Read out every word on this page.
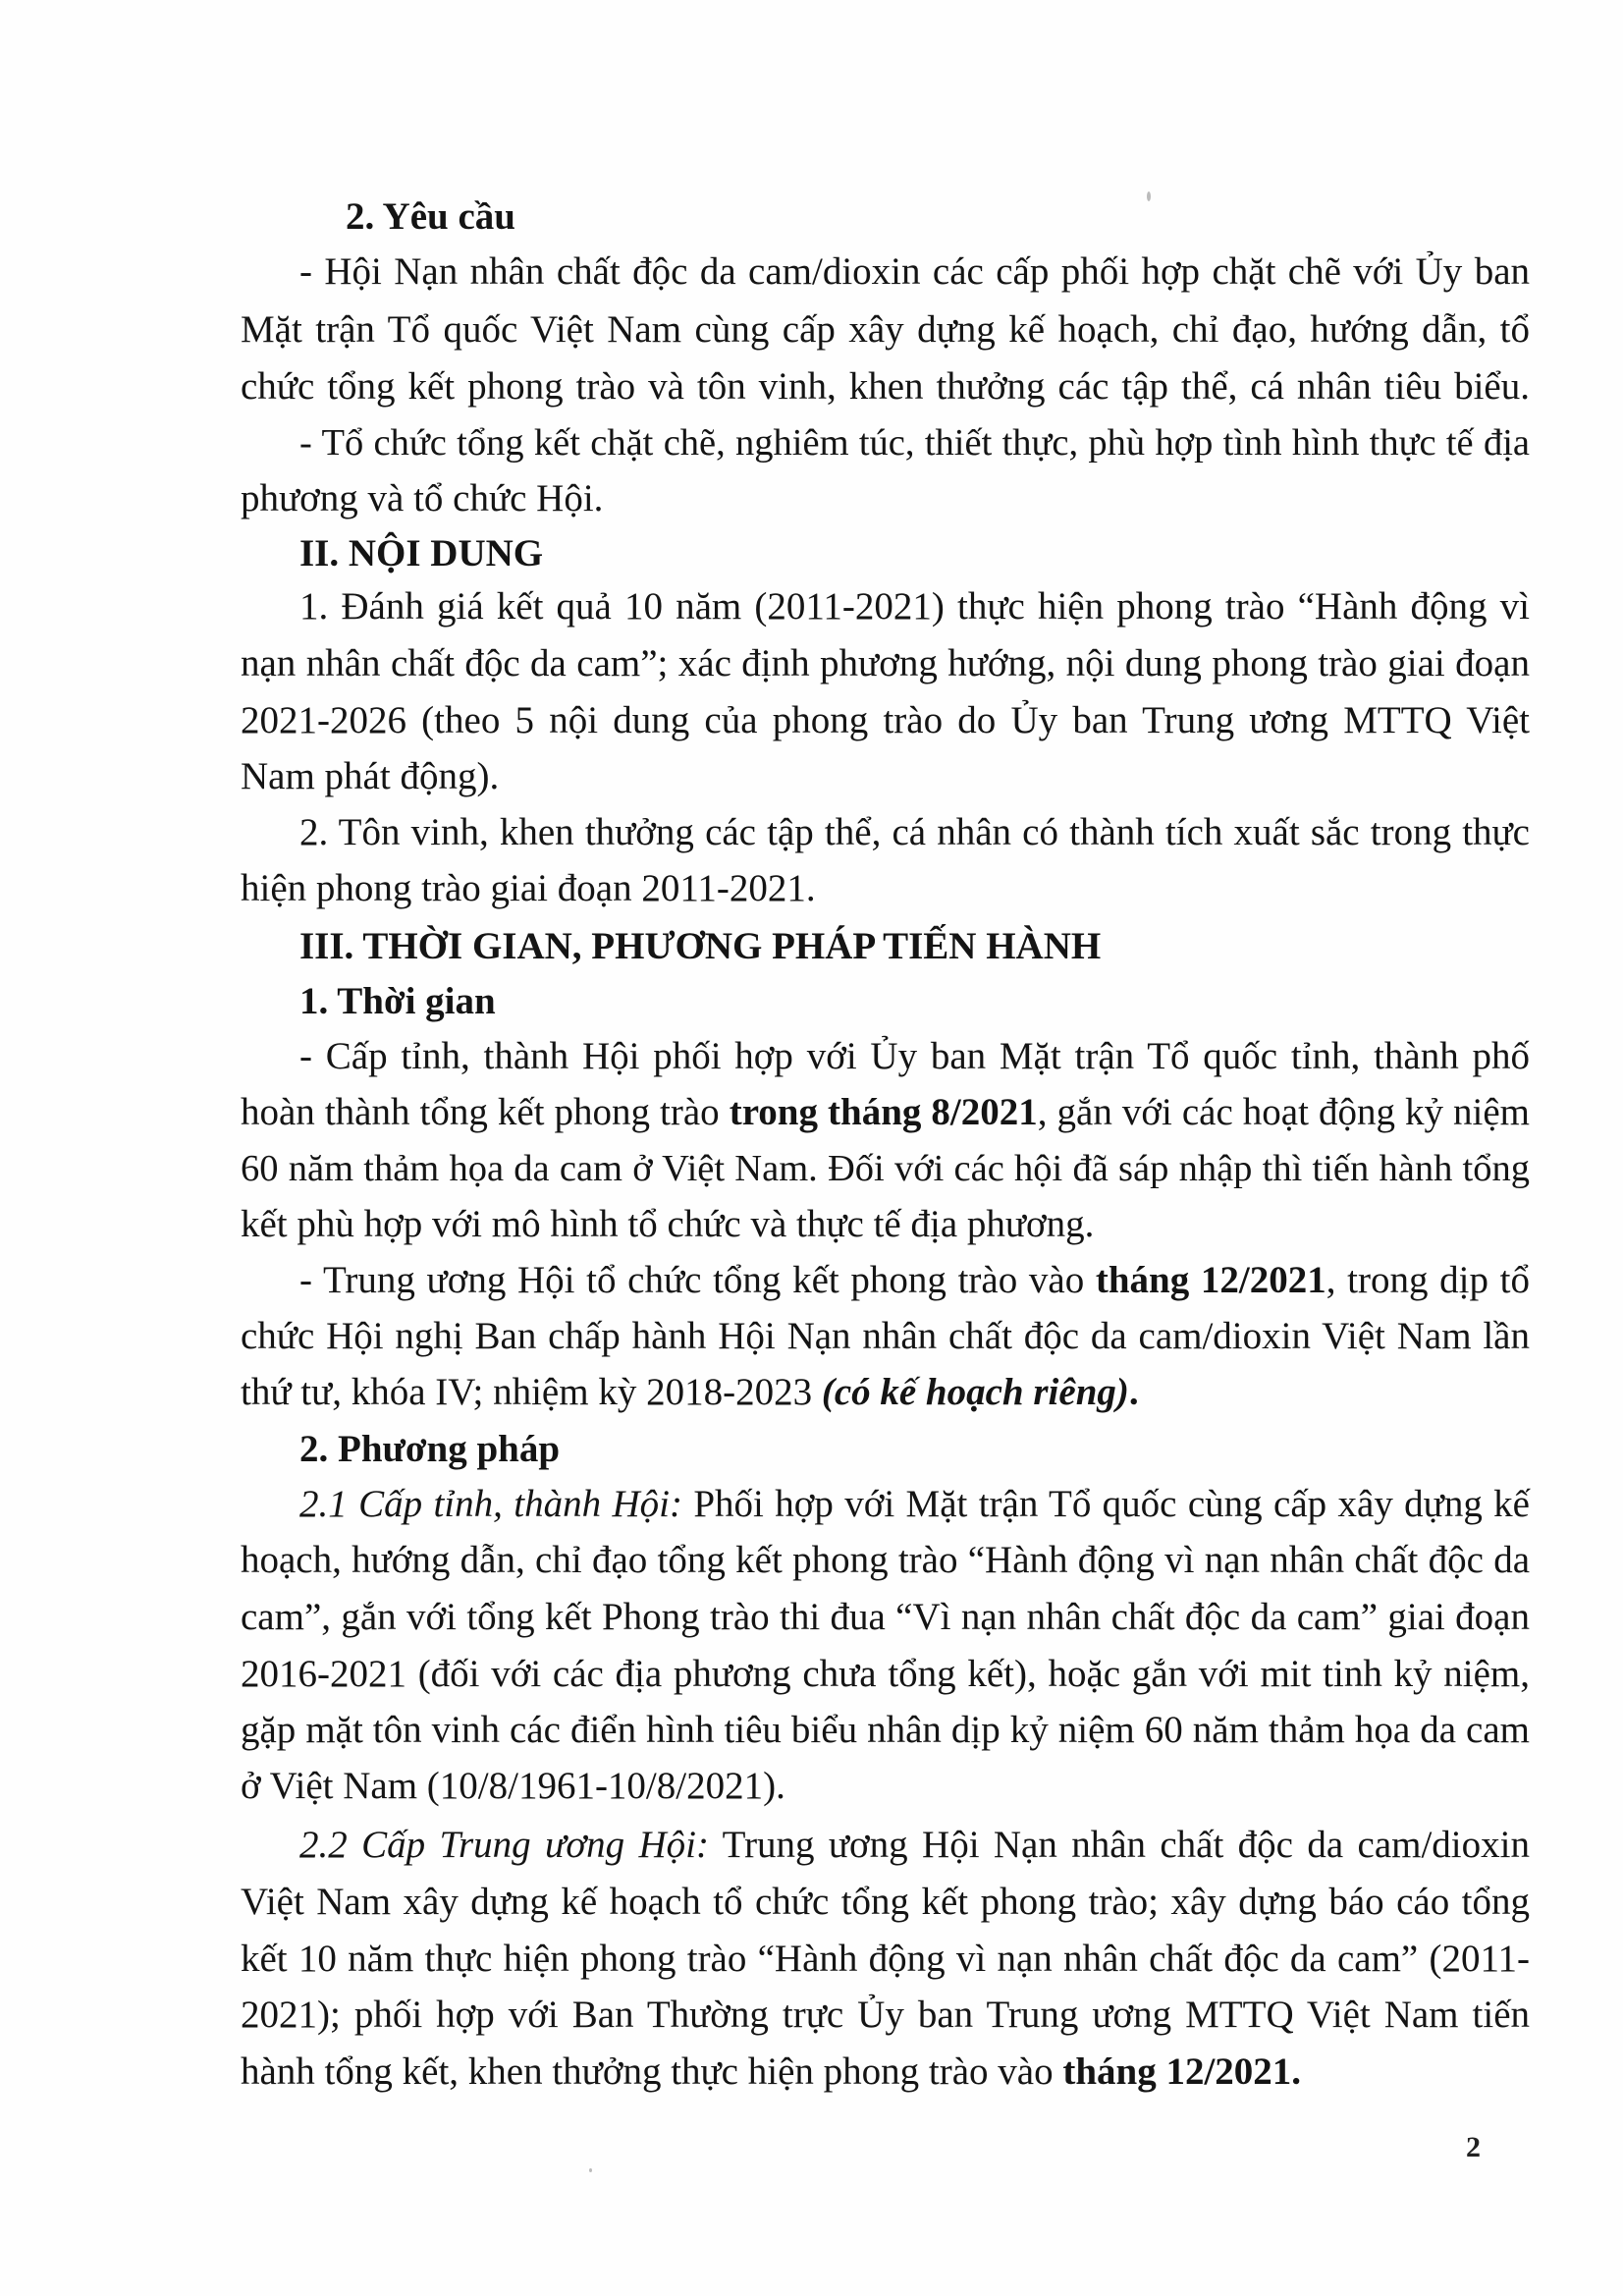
2. Yêu cầu
- Hội Nạn nhân chất độc da cam/dioxin các cấp phối hợp chặt chẽ với Ủy ban
Mặt trận Tổ quốc Việt Nam cùng cấp xây dựng kế hoạch, chỉ đạo, hướng dẫn, tổ
chức tổng kết phong trào và tôn vinh, khen thưởng các tập thể, cá nhân tiêu biểu.
- Tổ chức tổng kết chặt chẽ, nghiêm túc, thiết thực, phù hợp tình hình thực tế địa
phương và tổ chức Hội.
II. NỘI DUNG
1. Đánh giá kết quả 10 năm (2011-2021) thực hiện phong trào “Hành động vì
nạn nhân chất độc da cam”; xác định phương hướng, nội dung phong trào giai đoạn
2021-2026 (theo 5 nội dung của phong trào do Ủy ban Trung ương MTTQ Việt
Nam phát động).
2. Tôn vinh, khen thưởng các tập thể, cá nhân có thành tích xuất sắc trong thực
hiện phong trào giai đoạn 2011-2021.
III. THỜI GIAN, PHƯƠNG PHÁP TIẾN HÀNH
1. Thời gian
- Cấp tỉnh, thành Hội phối hợp với Ủy ban Mặt trận Tổ quốc tỉnh, thành phố
hoàn thành tổng kết phong trào trong tháng 8/2021, gắn với các hoạt động kỷ niệm
60 năm thảm họa da cam ở Việt Nam. Đối với các hội đã sáp nhập thì tiến hành tổng
kết phù hợp với mô hình tổ chức và thực tế địa phương.
- Trung ương Hội tổ chức tổng kết phong trào vào tháng 12/2021, trong dịp tổ
chức Hội nghị Ban chấp hành Hội Nạn nhân chất độc da cam/dioxin Việt Nam lần
thứ tư, khóa IV; nhiệm kỳ 2018-2023 (có kế hoạch riêng).
2. Phương pháp
2.1 Cấp tỉnh, thành Hội: Phối hợp với Mặt trận Tổ quốc cùng cấp xây dựng kế
hoạch, hướng dẫn, chỉ đạo tổng kết phong trào “Hành động vì nạn nhân chất độc da
cam”, gắn với tổng kết Phong trào thi đua “Vì nạn nhân chất độc da cam” giai đoạn
2016-2021 (đối với các địa phương chưa tổng kết), hoặc gắn với mit tinh kỷ niệm,
gặp mặt tôn vinh các điển hình tiêu biểu nhân dịp kỷ niệm 60 năm thảm họa da cam
ở Việt Nam (10/8/1961-10/8/2021).
2.2 Cấp Trung ương Hội: Trung ương Hội Nạn nhân chất độc da cam/dioxin
Việt Nam xây dựng kế hoạch tổ chức tổng kết phong trào; xây dựng báo cáo tổng
kết 10 năm thực hiện phong trào “Hành động vì nạn nhân chất độc da cam” (2011-
2021); phối hợp với Ban Thường trực Ủy ban Trung ương MTTQ Việt Nam tiến
hành tổng kết, khen thưởng thực hiện phong trào vào tháng 12/2021.
2
